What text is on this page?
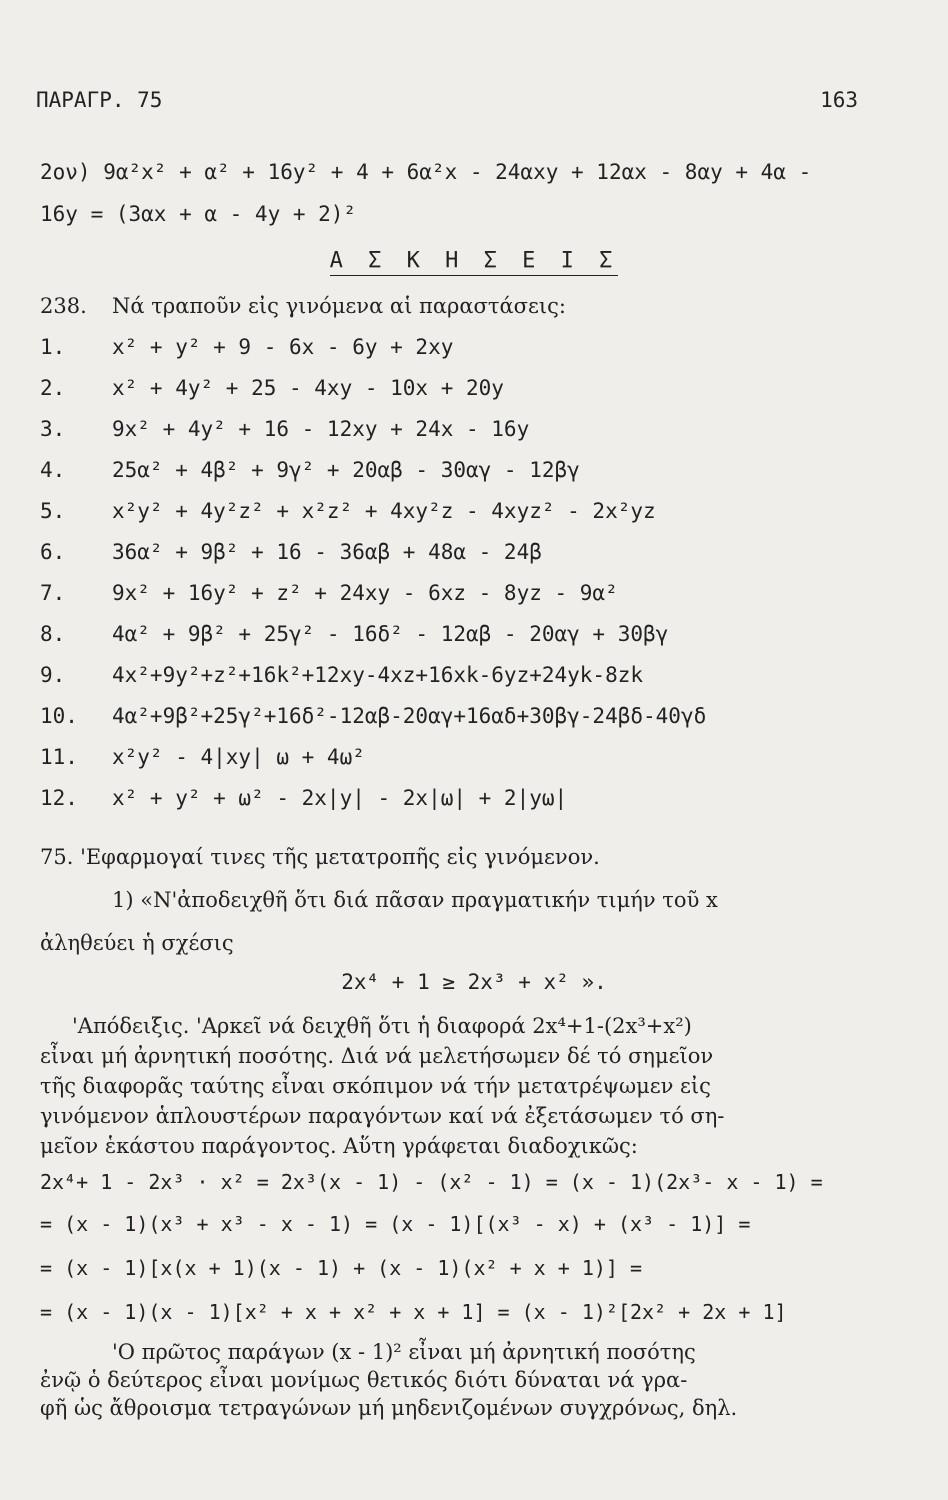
ΠΑΡΑΓΡ. 75	163
2ον) 9α²x² + α² + 16y² + 4 + 6α²x - 24αxy + 12αx - 8αy + 4α -
16y = (3αx + α - 4y + 2)²
Α Σ Κ Η Σ Ε Ι Σ
238. Νά τραποῦν εἰς γινόμενα αἱ παραστάσεις:
1. x² + y² + 9 - 6x - 6y + 2xy
2. x² + 4y² + 25 - 4xy - 10x + 20y
3. 9x² + 4y² + 16 - 12xy + 24x - 16y
4. 25α² + 4β² + 9γ² + 20αβ - 30αγ - 12βγ
5. x²y² + 4y²z² + x²z² + 4xy²z - 4xyz² - 2x²yz
6. 36α² + 9β² + 16 - 36αβ + 48α - 24β
7. 9x² + 16y² + z² + 24xy - 6xz - 8yz - 9α²
8. 4α² + 9β² + 25γ² - 16δ² - 12αβ - 20αγ + 30βγ
9. 4x²+9y²+z²+16k²+12xy-4xz+16xk-6yz+24yk-8zk
10. 4α²+9β²+25γ²+16δ²-12αβ-20αγ+16αδ+30βγ-24βδ-40γδ
11. x²y² - 4|xy| ω + 4ω²
12. x² + y² + ω² - 2x|y| - 2x|ω| + 2|yω|
75. 'Εφαρμογαί τινες τῆς μετατροπῆς εἰς γινόμενον.
1) «Ν'ἀποδειχθῆ ὅτι διά πᾶσαν πραγματικήν τιμήν τοῦ x
ἀληθεύει ἡ σχέσις
2x⁴ + 1 ≥ 2x³ + x² ».
'Απόδειξις. 'Αρκεῖ νά δειχθῆ ὅτι ἡ διαφορά 2x⁴+1-(2x³+x²)
εἶναι μή ἀρνητική ποσότης. Διά νά μελετήσωμεν δέ τό σημεῖον
τῆς διαφορᾶς ταύτης εἶναι σκόπιμον νά τήν μετατρέψωμεν εἰς
γινόμενον ἁπλουστέρων παραγόντων καί νά ἐξετάσωμεν τό ση-
μεῖον ἑκάστου παράγοντος. Αὕτη γράφεται διαδοχικῶς:
2x⁴+ 1 - 2x³ · x² = 2x³(x - 1) - (x² - 1) = (x - 1)(2x³- x - 1) =
= (x - 1)(x³ + x³ - x - 1) = (x - 1)[(x³ - x) + (x³ - 1)] =
= (x - 1)[x(x + 1)(x - 1) + (x - 1)(x² + x + 1)] =
= (x - 1)(x - 1)[x² + x + x² + x + 1] = (x - 1)²[2x² + 2x + 1]
'Ο πρῶτος παράγων (x - 1)² εἶναι μή ἀρνητική ποσότης
ἐνῷ ὁ δεύτερος εἶναι μονίμως θετικός διότι δύναται νά γρα-
φῆ ὡς ἄθροισμα τετραγώνων μή μηδενιζομένων συγχρόνως, δηλ.
